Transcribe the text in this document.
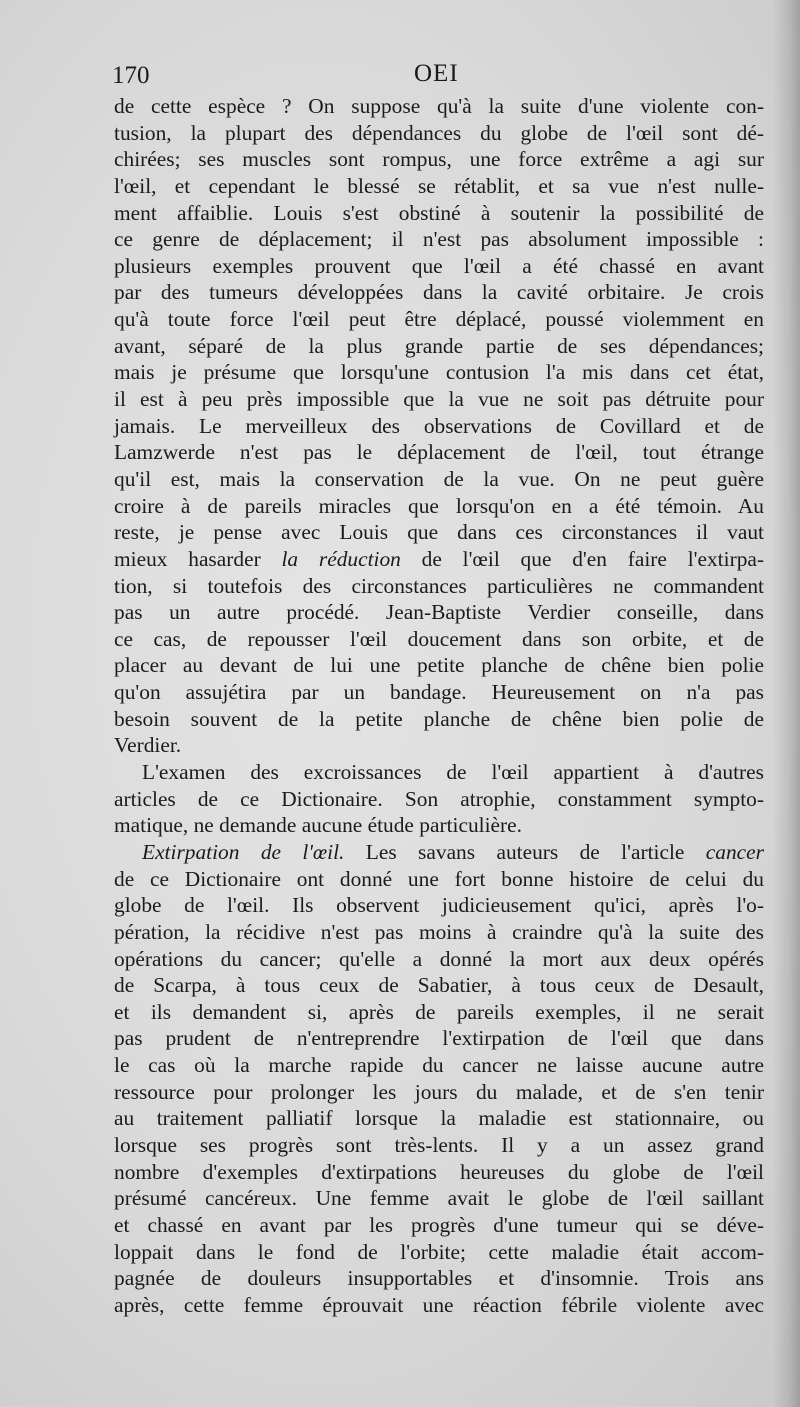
170	OEI
de cette espèce ? On suppose qu'à la suite d'une violente con-
tusion, la plupart des dépendances du globe de l'œil sont dé-
chirées; ses muscles sont rompus, une force extrême a agi sur
l'œil, et cependant le blessé se rétablit, et sa vue n'est nulle-
ment affaiblie. Louis s'est obstiné à soutenir la possibilité de
ce genre de déplacement; il n'est pas absolument impossible :
plusieurs exemples prouvent que l'œil a été chassé en avant
par des tumeurs développées dans la cavité orbitaire. Je crois
qu'à toute force l'œil peut être déplacé, poussé violemment en
avant, séparé de la plus grande partie de ses dépendances;
mais je présume que lorsqu'une contusion l'a mis dans cet état,
il est à peu près impossible que la vue ne soit pas détruite pour
jamais. Le merveilleux des observations de Covillard et de
Lamzwerde n'est pas le déplacement de l'œil, tout étrange
qu'il est, mais la conservation de la vue. On ne peut guère
croire à de pareils miracles que lorsqu'on en a été témoin. Au
reste, je pense avec Louis que dans ces circonstances il vaut
mieux hasarder la réduction de l'œil que d'en faire l'extirpa-
tion, si toutefois des circonstances particulières ne commandent
pas un autre procédé. Jean-Baptiste Verdier conseille, dans
ce cas, de repousser l'œil doucement dans son orbite, et de
placer au devant de lui une petite planche de chêne bien polie
qu'on assujétira par un bandage. Heureusement on n'a pas
besoin souvent de la petite planche de chêne bien polie de
Verdier.
L'examen des excroissances de l'œil appartient à d'autres
articles de ce Dictionaire. Son atrophie, constamment sympto-
matique, ne demande aucune étude particulière.
Extirpation de l'œil. Les savans auteurs de l'article cancer
de ce Dictionaire ont donné une fort bonne histoire de celui du
globe de l'œil. Ils observent judicieusement qu'ici, après l'o-
pération, la récidive n'est pas moins à craindre qu'à la suite des
opérations du cancer; qu'elle a donné la mort aux deux opérés
de Scarpa, à tous ceux de Sabatier, à tous ceux de Desault,
et ils demandent si, après de pareils exemples, il ne serait
pas prudent de n'entreprendre l'extirpation de l'œil que dans
le cas où la marche rapide du cancer ne laisse aucune autre
ressource pour prolonger les jours du malade, et de s'en tenir
au traitement palliatif lorsque la maladie est stationnaire, ou
lorsque ses progrès sont très-lents. Il y a un assez grand
nombre d'exemples d'extirpations heureuses du globe de l'œil
présumé cancéreux. Une femme avait le globe de l'œil saillant
et chassé en avant par les progrès d'une tumeur qui se déve-
loppait dans le fond de l'orbite; cette maladie était accom-
pagnée de douleurs insupportables et d'insomnie. Trois ans
après, cette femme éprouvait une réaction fébrile violente avec
